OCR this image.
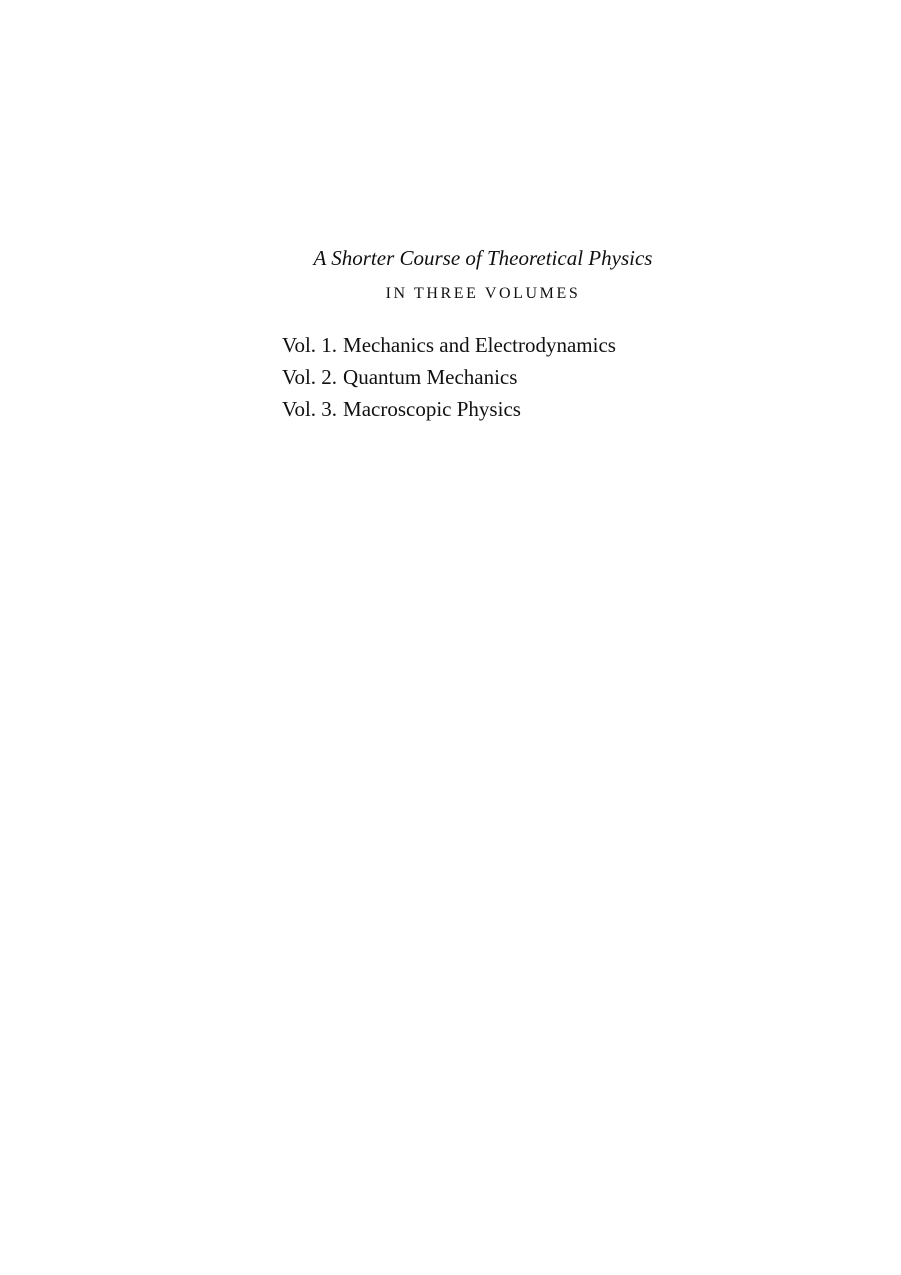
A Shorter Course of Theoretical Physics
IN THREE VOLUMES
Vol. 1. Mechanics and Electrodynamics
Vol. 2. Quantum Mechanics
Vol. 3. Macroscopic Physics
